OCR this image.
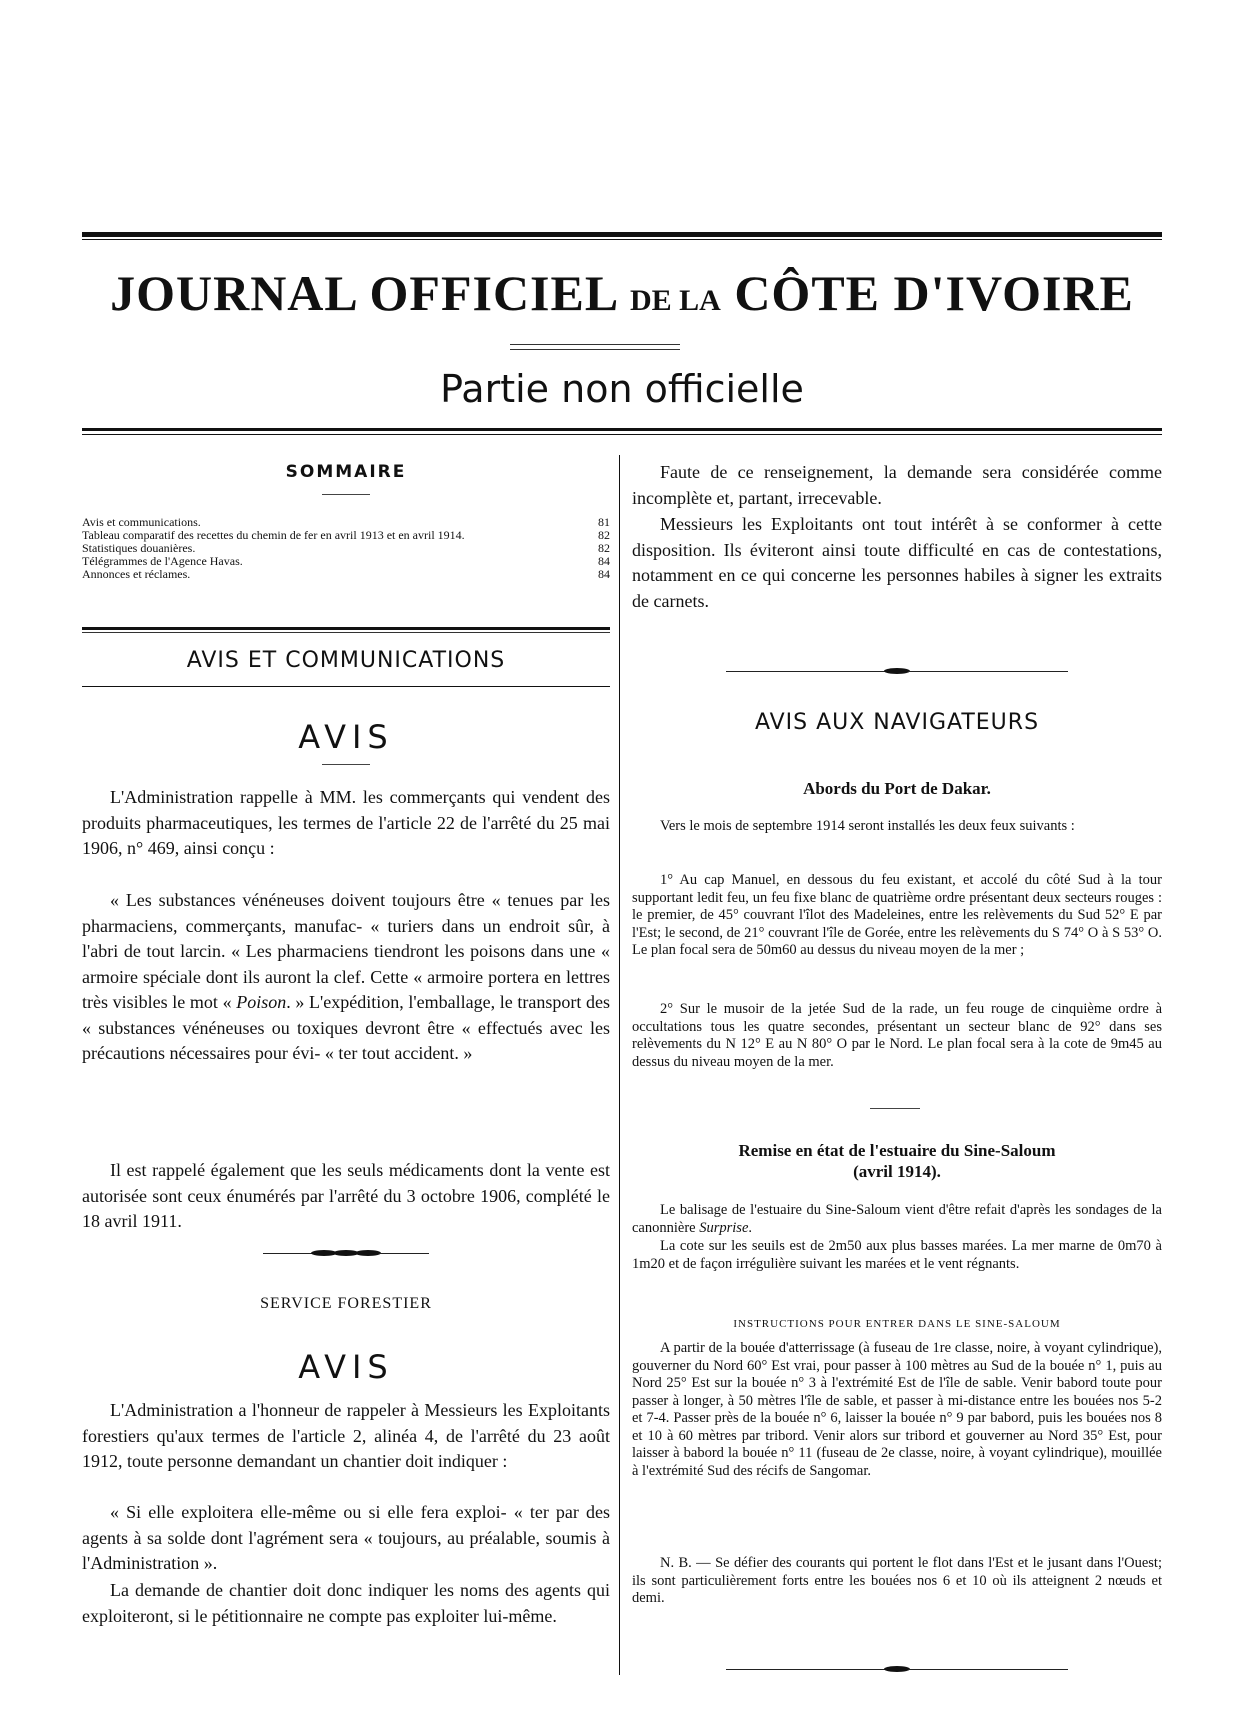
JOURNAL OFFICIEL DE LA CÔTE D'IVOIRE
Partie non officielle
SOMMAIRE
Avis et communications.	81
Tableau comparatif des recettes du chemin de fer en avril 1913 et en avril 1914.	82
Statistiques douanières.	82
Télégrammes de l'Agence Havas.	84
Annonces et réclames.	84
AVIS ET COMMUNICATIONS
AVIS
L'Administration rappelle à MM. les commerçants qui vendent des produits pharmaceutiques, les termes de l'article 22 de l'arrêté du 25 mai 1906, n° 469, ainsi conçu :
« Les substances vénéneuses doivent toujours être « tenues par les pharmaciens, commerçants, manufac- « turiers dans un endroit sûr, à l'abri de tout larcin. « Les pharmaciens tiendront les poisons dans une « armoire spéciale dont ils auront la clef. Cette « armoire portera en lettres très visibles le mot « Poison. » L'expédition, l'emballage, le transport des « substances vénéneuses ou toxiques devront être « effectués avec les précautions nécessaires pour évi- « ter tout accident. »
Il est rappelé également que les seuls médicaments dont la vente est autorisée sont ceux énumérés par l'arrêté du 3 octobre 1906, complété le 18 avril 1911.
SERVICE FORESTIER
AVIS
L'Administration a l'honneur de rappeler à Messieurs les Exploitants forestiers qu'aux termes de l'article 2, alinéa 4, de l'arrêté du 23 août 1912, toute personne demandant un chantier doit indiquer :
« Si elle exploitera elle-même ou si elle fera exploi- « ter par des agents à sa solde dont l'agrément sera « toujours, au préalable, soumis à l'Administration ».
La demande de chantier doit donc indiquer les noms des agents qui exploiteront, si le pétitionnaire ne compte pas exploiter lui-même.
Faute de ce renseignement, la demande sera considérée comme incomplète et, partant, irrecevable.
Messieurs les Exploitants ont tout intérêt à se conformer à cette disposition. Ils éviteront ainsi toute difficulté en cas de contestations, notamment en ce qui concerne les personnes habiles à signer les extraits de carnets.
AVIS AUX NAVIGATEURS
Abords du Port de Dakar.
Vers le mois de septembre 1914 seront installés les deux feux suivants :
1° Au cap Manuel, en dessous du feu existant, et accolé du côté Sud à la tour supportant ledit feu, un feu fixe blanc de quatrième ordre présentant deux secteurs rouges : le premier, de 45° couvrant l'îlot des Madeleines, entre les relèvements du Sud 52° E par l'Est; le second, de 21° couvrant l'île de Gorée, entre les relèvements du S 74° O à S 53° O. Le plan focal sera de 50m60 au dessus du niveau moyen de la mer ;
2° Sur le musoir de la jetée Sud de la rade, un feu rouge de cinquième ordre à occultations tous les quatre secondes, présentant un secteur blanc de 92° dans ses relèvements du N 12° E au N 80° O par le Nord. Le plan focal sera à la cote de 9m45 au dessus du niveau moyen de la mer.
Remise en état de l'estuaire du Sine-Saloum
(avril 1914).
Le balisage de l'estuaire du Sine-Saloum vient d'être refait d'après les sondages de la canonnière Surprise.
La cote sur les seuils est de 2m50 aux plus basses marées. La mer marne de 0m70 à 1m20 et de façon irrégulière suivant les marées et le vent régnants.
INSTRUCTIONS POUR ENTRER DANS LE SINE-SALOUM
A partir de la bouée d'atterrissage (à fuseau de 1re classe, noire, à voyant cylindrique), gouverner du Nord 60° Est vrai, pour passer à 100 mètres au Sud de la bouée n° 1, puis au Nord 25° Est sur la bouée n° 3 à l'extrémité Est de l'île de sable. Venir babord toute pour passer à longer, à 50 mètres l'île de sable, et passer à mi-distance entre les bouées nos 5-2 et 7-4. Passer près de la bouée n° 6, laisser la bouée n° 9 par babord, puis les bouées nos 8 et 10 à 60 mètres par tribord. Venir alors sur tribord et gouverner au Nord 35° Est, pour laisser à babord la bouée n° 11 (fuseau de 2e classe, noire, à voyant cylindrique), mouillée à l'extrémité Sud des récifs de Sangomar.
N. B. — Se défier des courants qui portent le flot dans l'Est et le jusant dans l'Ouest; ils sont particulièrement forts entre les bouées nos 6 et 10 où ils atteignent 2 nœuds et demi.
